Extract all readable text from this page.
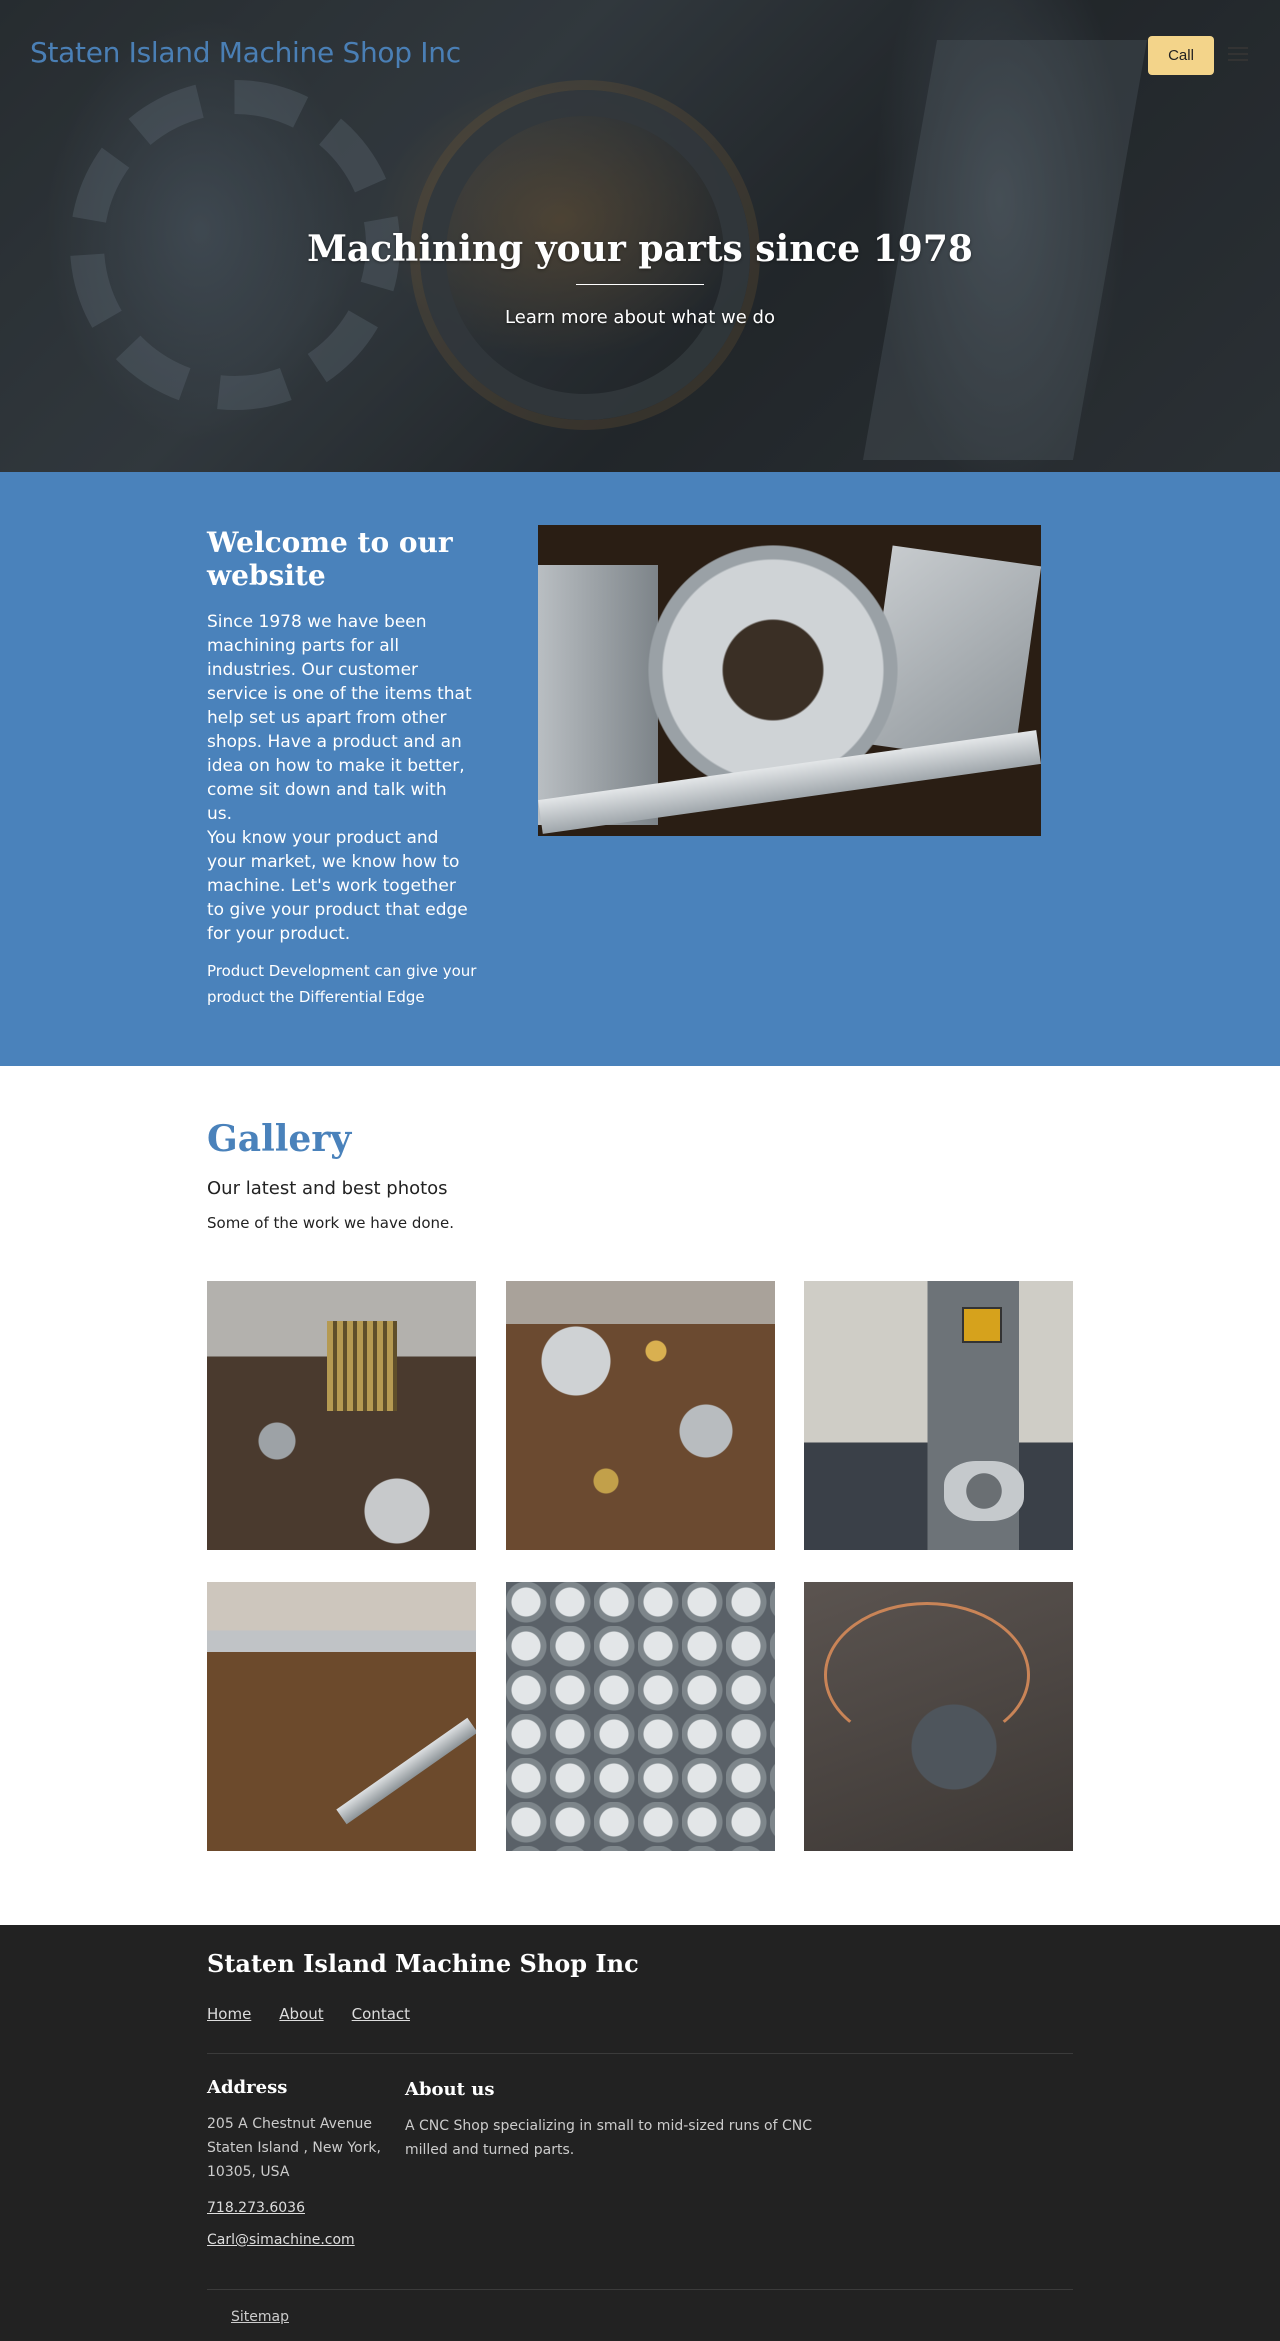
Staten Island Machine Shop Inc	Call
Machining your parts since 1978
Learn more about what we do
Welcome to our website

Since 1978 we have been machining parts for all industries. Our customer service is one of the items that help set us apart from other shops. Have a product and an idea on how to make it better, come sit down and talk with us.

You know your product and your market, we know how to machine. Let's work together to give your product that edge for your product.

Product Development can give your product the Differential Edge

Gallery

Our latest and best photos

Some of the work we have done.

Staten Island Machine Shop Inc
Home About Contact
Address

205 A Chestnut Avenue Staten Island , New York, 10305, USA

718.273.6036
Carl@simachine.com
About us

A CNC Shop specializing in small to mid-sized runs of CNC milled and turned parts.

Sitemap
